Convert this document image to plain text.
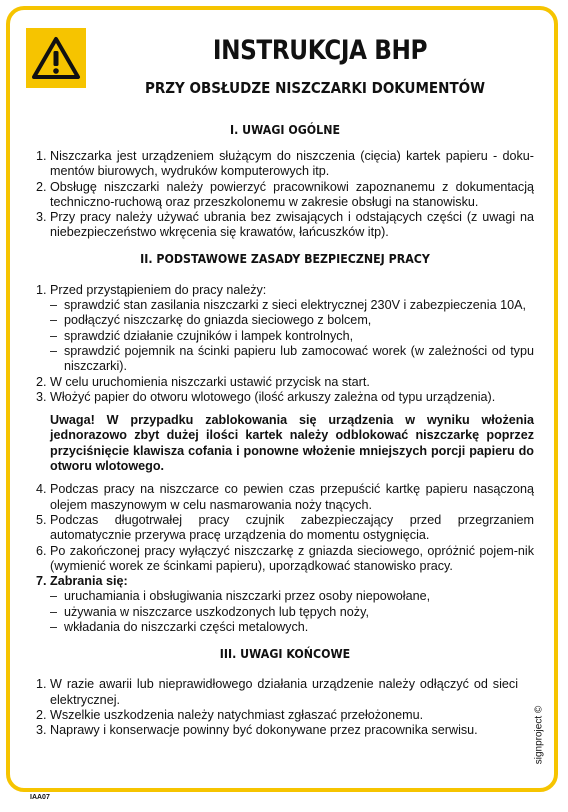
INSTRUKCJA BHP
PRZY OBSŁUDZE NISZCZARKI DOKUMENTÓW
I. UWAGI OGÓLNE
1. Niszczarka jest urządzeniem służącym do niszczenia (cięcia) kartek papieru - doku-mentów biurowych, wydruków komputerowych itp.
2. Obsługę niszczarki należy powierzyć pracownikowi zapoznanemu z dokumentacją techniczno-ruchową oraz przeszkolonemu w zakresie obsługi na stanowisku.
3. Przy pracy należy używać ubrania bez zwisających i odstających części (z uwagi na niebezpieczeństwo wkręcenia się krawatów, łańcuszków itp).
II. PODSTAWOWE ZASADY BEZPIECZNEJ PRACY
1. Przed przystąpieniem do pracy należy:
– sprawdzić stan zasilania niszczarki z sieci elektrycznej 230V i zabezpieczenia 10A,
– podłączyć niszczarkę do gniazda sieciowego z bolcem,
– sprawdzić działanie czujników i lampek kontrolnych,
– sprawdzić pojemnik na ścinki papieru lub zamocować worek (w zależności od typu niszczarki).
2. W celu uruchomienia niszczarki ustawić przycisk na start.
3. Włożyć papier do otworu wlotowego (ilość arkuszy zależna od typu urządzenia).
Uwaga! W przypadku zablokowania się urządzenia w wyniku włożenia jednorazowo zbyt dużej ilości kartek należy odblokować niszczarkę poprzez przyciśnięcie klawisza cofania i ponowne włożenie mniejszych porcji papieru do otworu wlotowego.
4. Podczas pracy na niszczarce co pewien czas przepuścić kartkę papieru nasączoną olejem maszynowym w celu nasmarowania noży tnących.
5. Podczas długotrwałej pracy czujnik zabezpieczający przed przegrzaniem automatycznie przerywa pracę urządzenia do momentu ostygnięcia.
6. Po zakończonej pracy wyłączyć niszczarkę z gniazda sieciowego, opróżnić pojem-nik (wymienić worek ze ścinkami papieru), uporządkować stanowisko pracy.
7. Zabrania się:
– uruchamiania i obsługiwania niszczarki przez osoby niepowołane,
– używania w niszczarce uszkodzonych lub tępych noży,
– wkładania do niszczarki części metalowych.
III. UWAGI KOŃCOWE
1. W razie awarii lub nieprawidłowego działania urządzenie należy odłączyć od sieci elektrycznej.
2. Wszelkie uszkodzenia należy natychmiast zgłaszać przełożonemu.
3. Naprawy i konserwacje powinny być dokonywane przez pracownika serwisu.	signproject ©
IAA07
